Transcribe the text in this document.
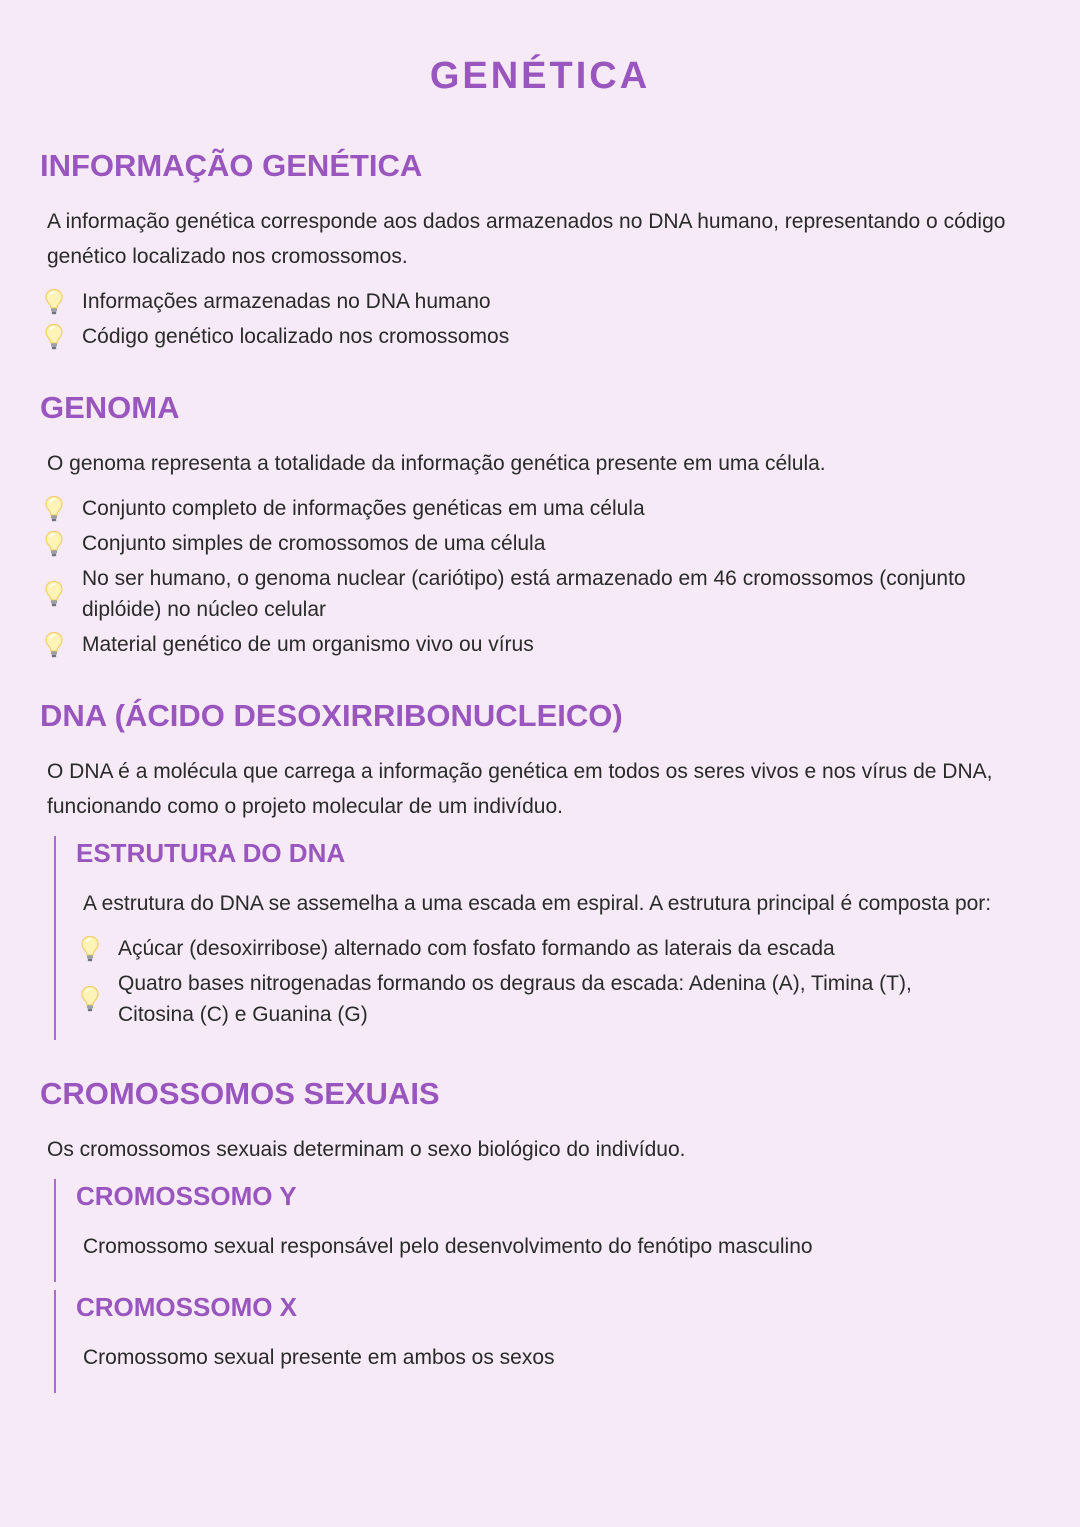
GENÉTICA
INFORMAÇÃO GENÉTICA

A informação genética corresponde aos dados armazenados no DNA humano, representando o código genético localizado nos cromossomos.

Informações armazenadas no DNA humano
Código genético localizado nos cromossomos
GENOMA

O genoma representa a totalidade da informação genética presente em uma célula.

Conjunto completo de informações genéticas em uma célula
Conjunto simples de cromossomos de uma célula
No ser humano, o genoma nuclear (cariótipo) está armazenado em 46 cromossomos (conjunto diplóide) no núcleo celular
Material genético de um organismo vivo ou vírus
DNA (ÁCIDO DESOXIRRIBONUCLEICO)

O DNA é a molécula que carrega a informação genética em todos os seres vivos e nos vírus de DNA, funcionando como o projeto molecular de um indivíduo.

ESTRUTURA DO DNA

A estrutura do DNA se assemelha a uma escada em espiral. A estrutura principal é composta por:

Açúcar (desoxirribose) alternado com fosfato formando as laterais da escada
Quatro bases nitrogenadas formando os degraus da escada: Adenina (A), Timina (T), Citosina (C) e Guanina (G)
CROMOSSOMOS SEXUAIS

Os cromossomos sexuais determinam o sexo biológico do indivíduo.

CROMOSSOMO Y

Cromossomo sexual responsável pelo desenvolvimento do fenótipo masculino

CROMOSSOMO X

Cromossomo sexual presente em ambos os sexos
